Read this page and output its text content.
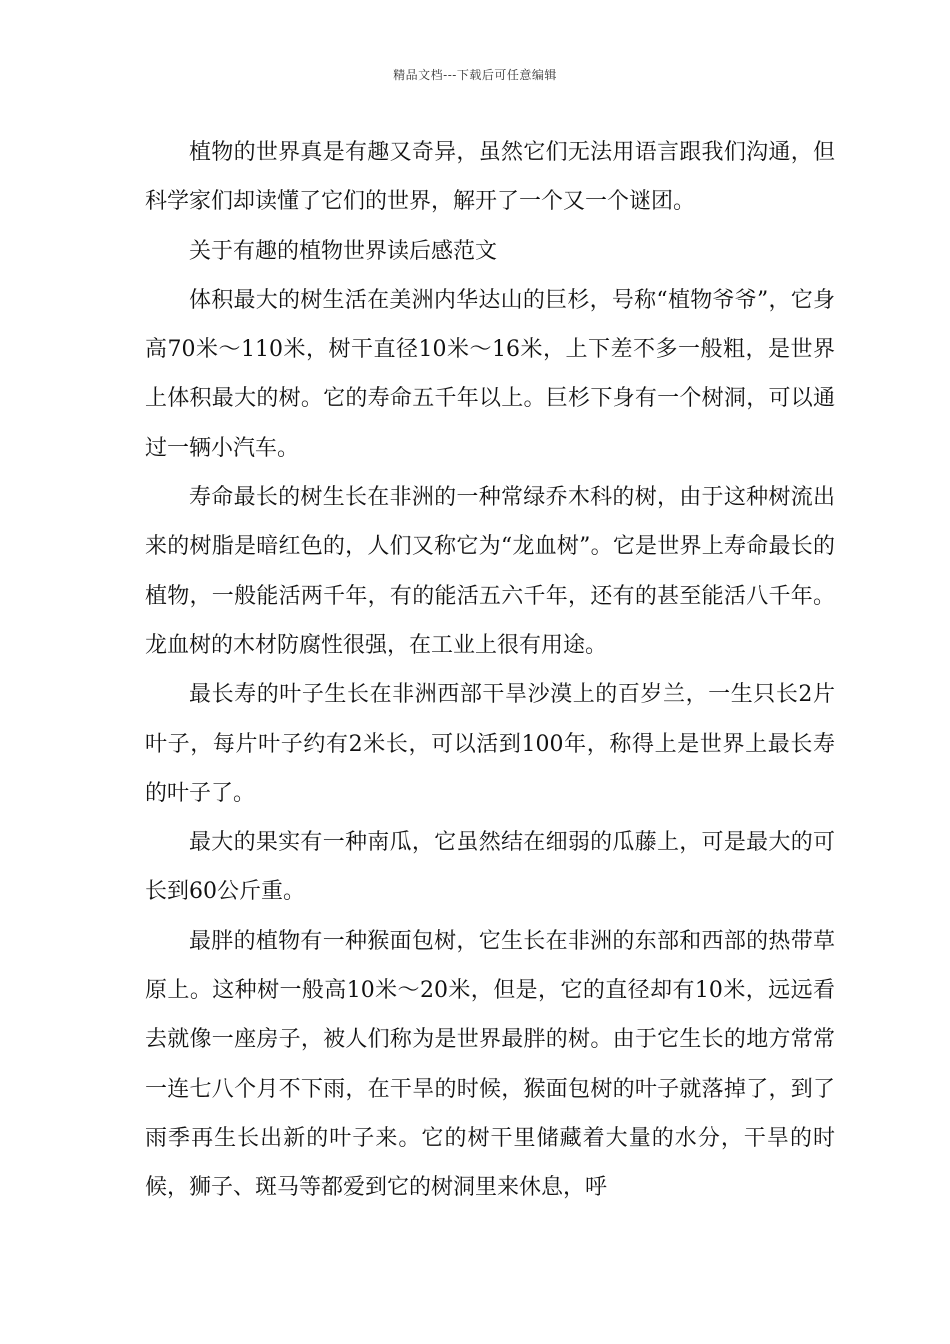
精品文档---下载后可任意编辑

植物的世界真是有趣又奇异，虽然它们无法用语言跟我们沟通，但科学家们却读懂了它们的世界，解开了一个又一个谜团。

关于有趣的植物世界读后感范文

体积最大的树生活在美洲内华达山的巨杉，号称“植物爷爷”，它身高70米～110米，树干直径10米～16米，上下差不多一般粗，是世界上体积最大的树。它的寿命五千年以上。巨杉下身有一个树洞，可以通过一辆小汽车。

寿命最长的树生长在非洲的一种常绿乔木科的树，由于这种树流出来的树脂是暗红色的，人们又称它为“龙血树”。它是世界上寿命最长的植物，一般能活两千年，有的能活五六千年，还有的甚至能活八千年。龙血树的木材防腐性很强，在工业上很有用途。

最长寿的叶子生长在非洲西部干旱沙漠上的百岁兰，一生只长2片叶子，每片叶子约有2米长，可以活到100年，称得上是世界上最长寿的叶子了。

最大的果实有一种南瓜，它虽然结在细弱的瓜藤上，可是最大的可长到60公斤重。

最胖的植物有一种猴面包树，它生长在非洲的东部和西部的热带草原上。这种树一般高10米～20米，但是，它的直径却有10米，远远看去就像一座房子，被人们称为是世界最胖的树。由于它生长的地方常常一连七八个月不下雨，在干旱的时候，猴面包树的叶子就落掉了，到了雨季再生长出新的叶子来。它的树干里储藏着大量的水分，干旱的时候，狮子、斑马等都爱到它的树洞里来休息，呼
